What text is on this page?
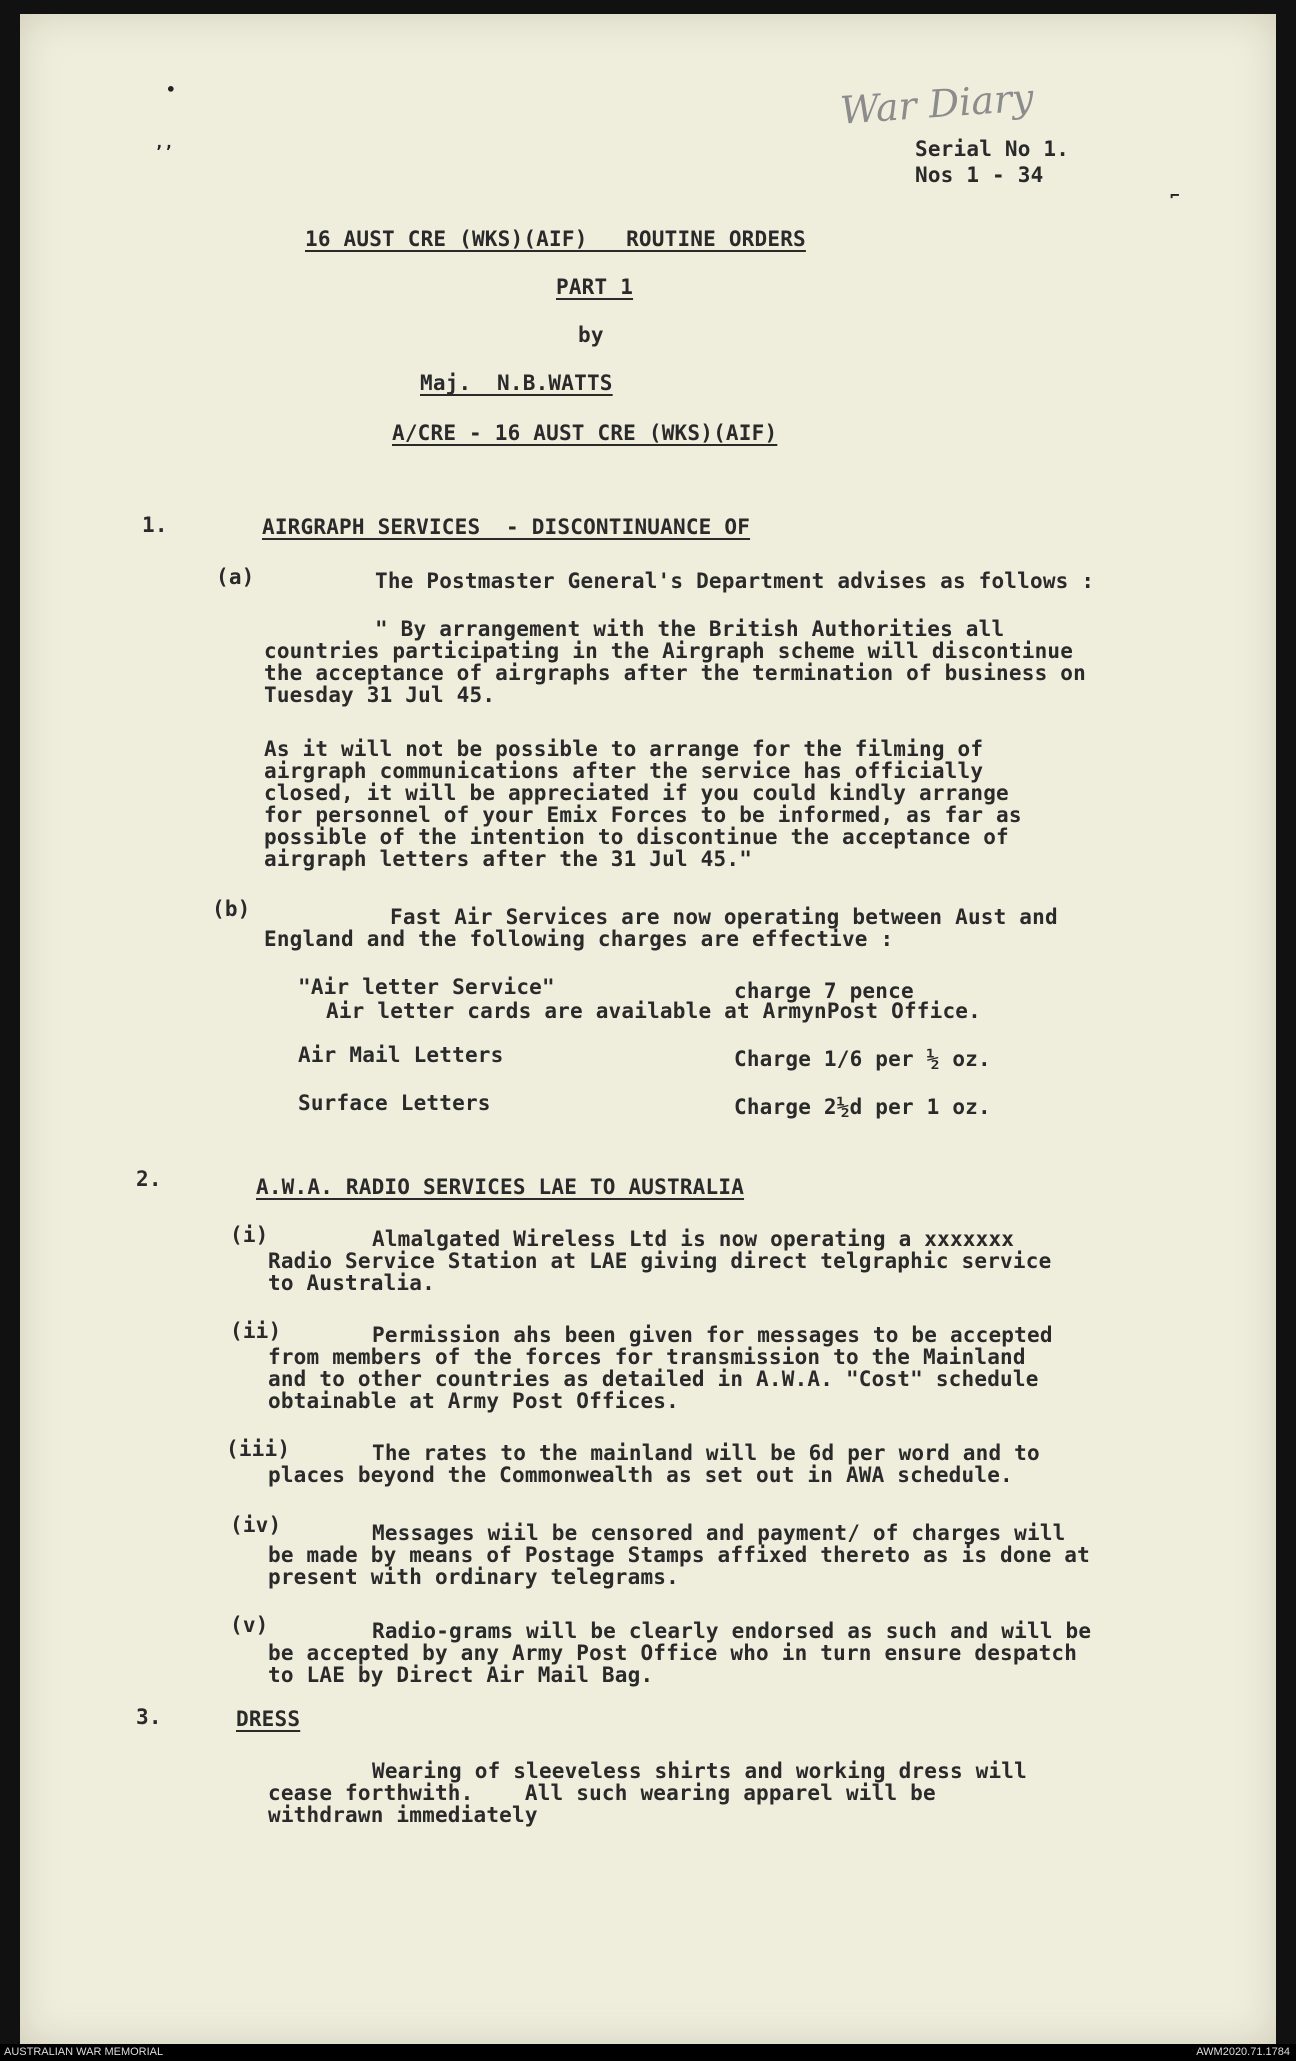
War Diary
•
ʼʼ
⌐
Serial No 1.
Nos 1 - 34
16 AUST CRE (WKS)(AIF)   ROUTINE ORDERS
PART 1
by
Maj.  N.B.WATTS
A/CRE - 16 AUST CRE (WKS)(AIF)
1.	AIRGRAPH SERVICES  - DISCONTINUANCE OF
(a)	The Postmaster General's Department advises as follows :
" By arrangement with the British Authorities all
countries participating in the Airgraph scheme will discontinue
the acceptance of airgraphs after the termination of business on
Tuesday 31 Jul 45.
As it will not be possible to arrange for the filming of
airgraph communications after the service has officially
closed, it will be appreciated if you could kindly arrange
for personnel of your Emix Forces to be informed, as far as
possible of the intention to discontinue the acceptance of
airgraph letters after the 31 Jul 45."
(b)	Fast Air Services are now operating between Aust and
England and the following charges are effective :
"Air letter Service"	charge 7 pence
Air letter cards are available at ArmynPost Office.
Air Mail Letters	Charge 1/6 per ½ oz.
Surface Letters	Charge 2½d per 1 oz.
2.	A.W.A. RADIO SERVICES LAE TO AUSTRALIA
(i)	Almalgated Wireless Ltd is now operating a xxxxxxx
Radio Service Station at LAE giving direct telgraphic service
to Australia.
(ii)	Permission ahs been given for messages to be accepted
from members of the forces for transmission to the Mainland
and to other countries as detailed in A.W.A. "Cost" schedule
obtainable at Army Post Offices.
(iii)	The rates to the mainland will be 6d per word and to
places beyond the Commonwealth as set out in AWA schedule.
(iv)	Messages wiil be censored and payment/ of charges will
be made by means of Postage Stamps affixed thereto as is done at
present with ordinary telegrams.
(v)	Radio-grams will be clearly endorsed as such and will be
be accepted by any Army Post Office who in turn ensure despatch
to LAE by Direct Air Mail Bag.
3.	DRESS
Wearing of sleeveless shirts and working dress will
cease forthwith.    All such wearing apparel will be
withdrawn immediately
AUSTRALIAN WAR MEMORIAL	AWM2020.71.1784
